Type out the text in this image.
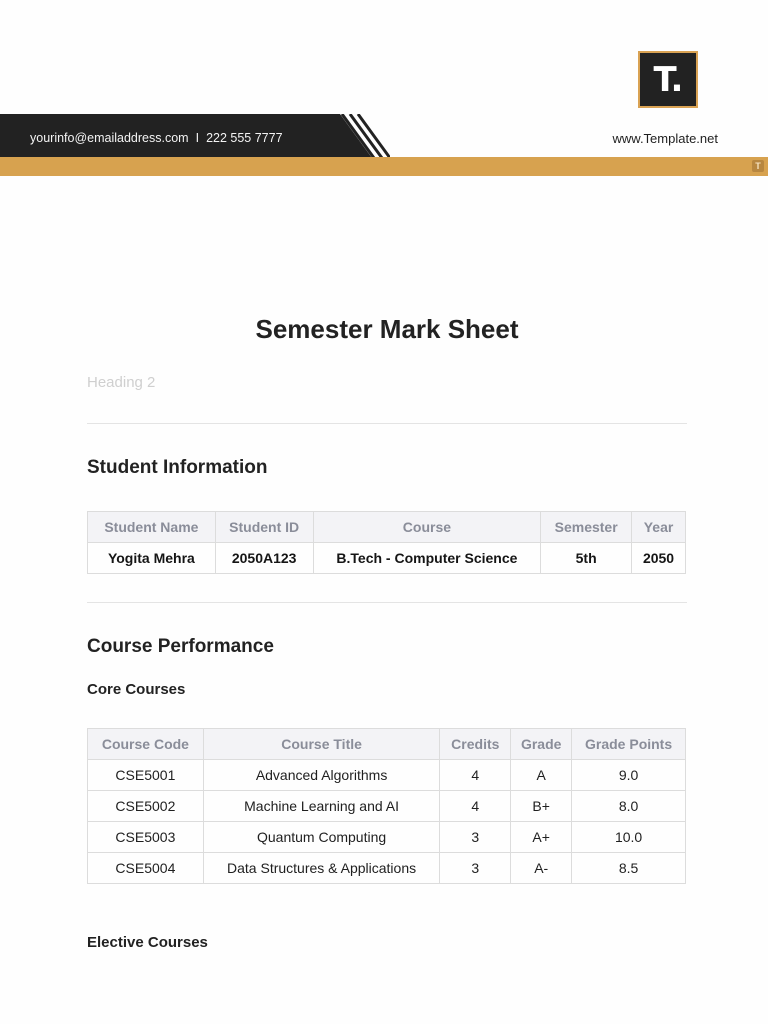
T.
yourinfo@emailaddress.com I 222 555 7777	www.Template.net
T
Semester Mark Sheet
Heading 2
Student Information
Student Name	Student ID	Course	Semester	Year
Yogita Mehra	2050A123	B.Tech - Computer Science	5th	2050
Course Performance
Core Courses
Course Code	Course Title	Credits	Grade	Grade Points
CSE5001	Advanced Algorithms	4	A	9.0
CSE5002	Machine Learning and AI	4	B+	8.0
CSE5003	Quantum Computing	3	A+	10.0
CSE5004	Data Structures & Applications	3	A-	8.5
Elective Courses
